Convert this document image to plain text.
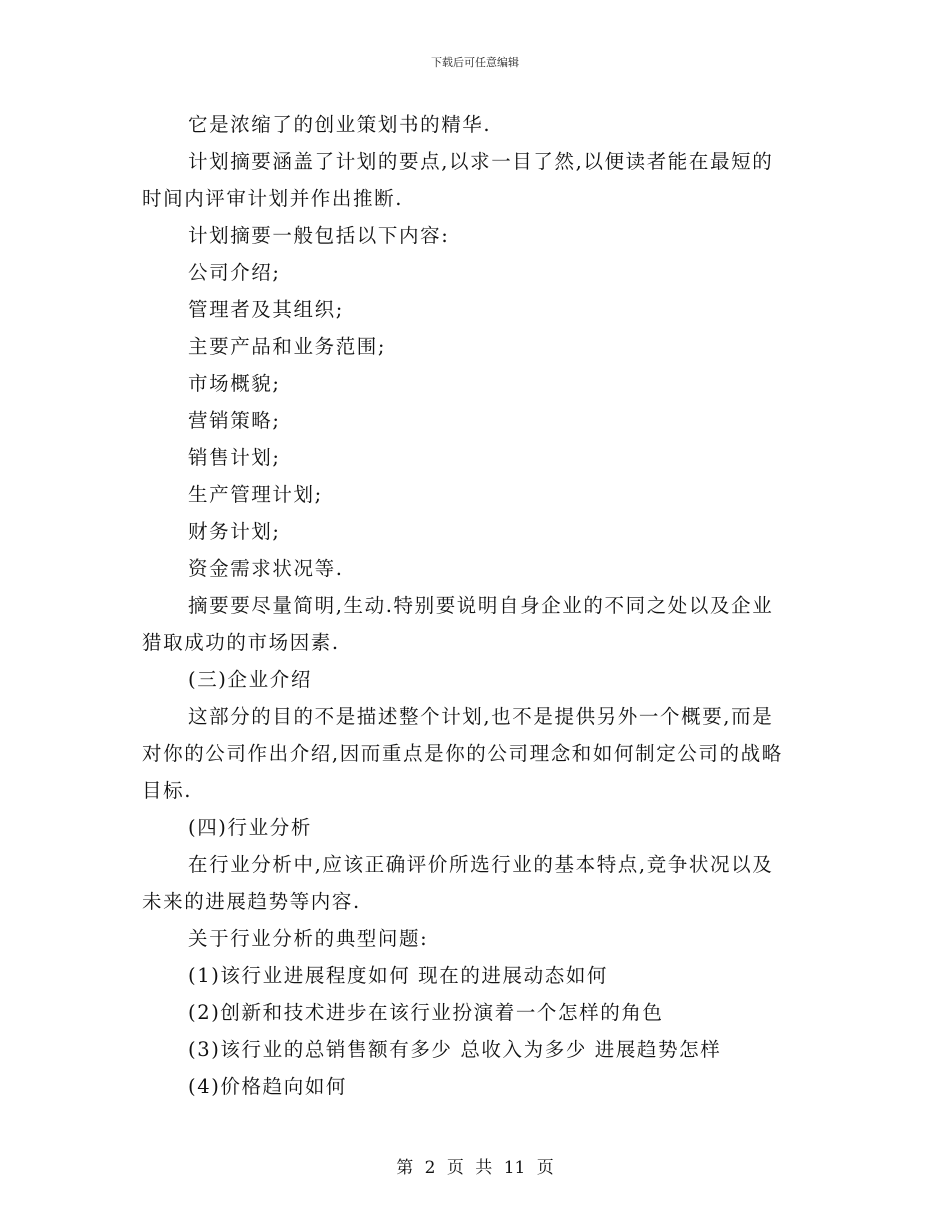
下载后可任意编辑
它是浓缩了的创业策划书的精华.
计划摘要涵盖了计划的要点,以求一目了然,以便读者能在最短的
时间内评审计划并作出推断.
计划摘要一般包括以下内容:
公司介绍;
管理者及其组织;
主要产品和业务范围;
市场概貌;
营销策略;
销售计划;
生产管理计划;
财务计划;
资金需求状况等.
摘要要尽量简明,生动.特别要说明自身企业的不同之处以及企业
猎取成功的市场因素.
(三)企业介绍
这部分的目的不是描述整个计划,也不是提供另外一个概要,而是
对你的公司作出介绍,因而重点是你的公司理念和如何制定公司的战略
目标.
(四)行业分析
在行业分析中,应该正确评价所选行业的基本特点,竞争状况以及
未来的进展趋势等内容.
关于行业分析的典型问题:
(1)该行业进展程度如何 现在的进展动态如何
(2)创新和技术进步在该行业扮演着一个怎样的角色
(3)该行业的总销售额有多少 总收入为多少 进展趋势怎样
(4)价格趋向如何
第 2 页 共 11 页
